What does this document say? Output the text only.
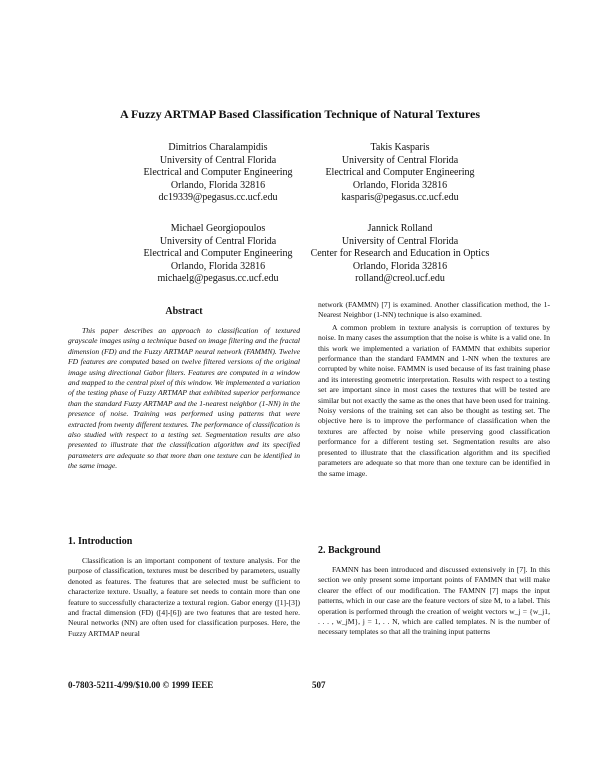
A Fuzzy ARTMAP Based Classification Technique of Natural Textures
Dimitrios Charalampidis
University of Central Florida
Electrical and Computer Engineering
Orlando, Florida 32816
dc19339@pegasus.cc.ucf.edu
Takis Kasparis
University of Central Florida
Electrical and Computer Engineering
Orlando, Florida 32816
kasparis@pegasus.cc.ucf.edu
Michael Georgiopoulos
University of Central Florida
Electrical and Computer Engineering
Orlando, Florida 32816
michaelg@pegasus.cc.ucf.edu
Jannick Rolland
University of Central Florida
Center for Research and Education in Optics
Orlando, Florida 32816
rolland@creol.ucf.edu
Abstract

This paper describes an approach to classification of textured grayscale images using a technique based on image filtering and the fractal dimension (FD) and the Fuzzy ARTMAP neural network (FAMMN). Twelve FD features are computed based on twelve filtered versions of the original image using directional Gabor filters. Features are computed in a window and mapped to the central pixel of this window. We implemented a variation of the testing phase of Fuzzy ARTMAP that exhibited superior performance than the standard Fuzzy ARTMAP and the 1-nearest neighbor (1-NN) in the presence of noise. Training was performed using patterns that were extracted from twenty different textures. The performance of classification is also studied with respect to a testing set. Segmentation results are also presented to illustrate that the classification algorithm and its specified parameters are adequate so that more than one texture can be identified in the same image.

1. Introduction

Classification is an important component of texture analysis. For the purpose of classification, textures must be described by parameters, usually denoted as features. The features that are selected must be sufficient to characterize texture. Usually, a feature set needs to contain more than one feature to successfully characterize a textural region. Gabor energy ([1]-[3]) and fractal dimension (FD) ([4]-[6]) are two features that are tested here. Neural networks (NN) are often used for classification purposes. Here, the Fuzzy ARTMAP neural

network (FAMMN) [7] is examined. Another classification method, the 1-Nearest Neighbor (1-NN) technique is also examined.

A common problem in texture analysis is corruption of textures by noise. In many cases the assumption that the noise is white is a valid one. In this work we implemented a variation of FAMMN that exhibits superior performance than the standard FAMMN and 1-NN when the textures are corrupted by white noise. FAMMN is used because of its fast training phase and its interesting geometric interpretation. Results with respect to a testing set are important since in most cases the textures that will be tested are similar but not exactly the same as the ones that have been used for training. Noisy versions of the training set can also be thought as testing set. The objective here is to improve the performance of classification when the textures are affected by noise while preserving good classification performance for a different testing set. Segmentation results are also presented to illustrate that the classification algorithm and its specified parameters are adequate so that more than one texture can be identified in the same image.

2. Background

FAMNN has been introduced and discussed extensively in [7]. In this section we only present some important points of FAMMN that will make clearer the effect of our modification. The FAMNN [7] maps the input patterns, which in our case are the feature vectors of size M, to a label. This operation is performed through the creation of weight vectors w_j = {w_j1, . . . , w_jM}, j = 1, . . N, which are called templates. N is the number of necessary templates so that all the training input patterns

0-7803-5211-4/99/$10.00 © 1999 IEEE	507
